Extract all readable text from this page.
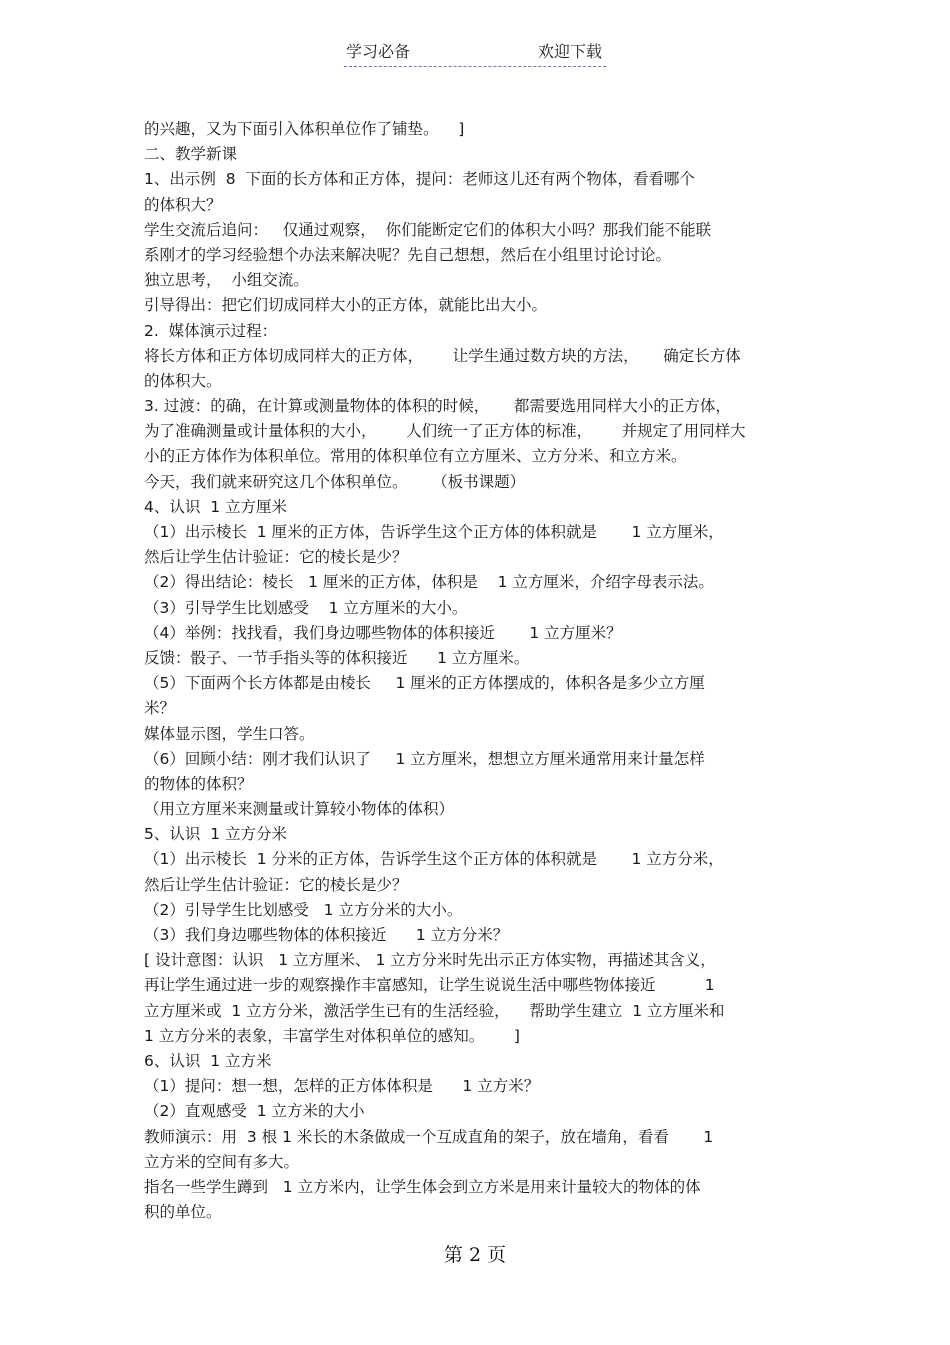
学习必备	欢迎下载
的兴趣，又为下面引入体积单位作了铺垫。    ]
二、教学新课
1、出示例  8  下面的长方体和正方体，提问：老师这儿还有两个物体，看看哪个
的体积大？
学生交流后追问：   仅通过观察，  你们能断定它们的体积大小吗？那我们能不能联
系刚才的学习经验想个办法来解决呢？先自己想想，然后在小组里讨论讨论。
独立思考，  小组交流。
引导得出：把它们切成同样大小的正方体，就能比出大小。
2.  媒体演示过程：
将长方体和正方体切成同样大的正方体，      让学生通过数方块的方法，     确定长方体
的体积大。
3. 过渡：的确，在计算或测量物体的体积的时候，     都需要选用同样大小的正方体，
为了准确测量或计量体积的大小，      人们统一了正方体的标准，      并规定了用同样大
小的正方体作为体积单位。常用的体积单位有立方厘米、立方分米、和立方米。
今天，我们就来研究这几个体积单位。     （板书课题）
4、认识  1 立方厘米
（1）出示棱长  1 厘米的正方体，告诉学生这个正方体的体积就是       1 立方厘米，
然后让学生估计验证：它的棱长是少？
（2）得出结论：棱长   1 厘米的正方体，体积是    1 立方厘米，介绍字母表示法。
（3）引导学生比划感受    1 立方厘米的大小。
（4）举例：找找看，我们身边哪些物体的体积接近       1 立方厘米？
反馈：骰子、一节手指头等的体积接近      1 立方厘米。
（5）下面两个长方体都是由棱长     1 厘米的正方体摆成的，体积各是多少立方厘
米？
媒体显示图，学生口答。
（6）回顾小结：刚才我们认识了     1 立方厘米，想想立方厘米通常用来计量怎样
的物体的体积？
（用立方厘米来测量或计算较小物体的体积）
5、认识  1 立方分米
（1）出示棱长  1 分米的正方体，告诉学生这个正方体的体积就是       1 立方分米，
然后让学生估计验证：它的棱长是少？
（2）引导学生比划感受   1 立方分米的大小。
（3）我们身边哪些物体的体积接近      1 立方分米？
[ 设计意图：认识   1 立方厘米、 1 立方分米时先出示正方体实物，再描述其含义，
再让学生通过进一步的观察操作丰富感知，让学生说说生活中哪些物体接近          1
立方厘米或  1 立方分米，激活学生已有的生活经验，    帮助学生建立  1 立方厘米和
1 立方分米的表象，丰富学生对体积单位的感知。      ]
6、认识  1 立方米
（1）提问：想一想，怎样的正方体体积是      1 立方米？
（2）直观感受  1 立方米的大小
教师演示：用  3 根 1 米长的木条做成一个互成直角的架子，放在墙角，看看       1
立方米的空间有多大。
指名一些学生蹲到   1 立方米内，让学生体会到立方米是用来计量较大的物体的体
积的单位。
第 2 页
